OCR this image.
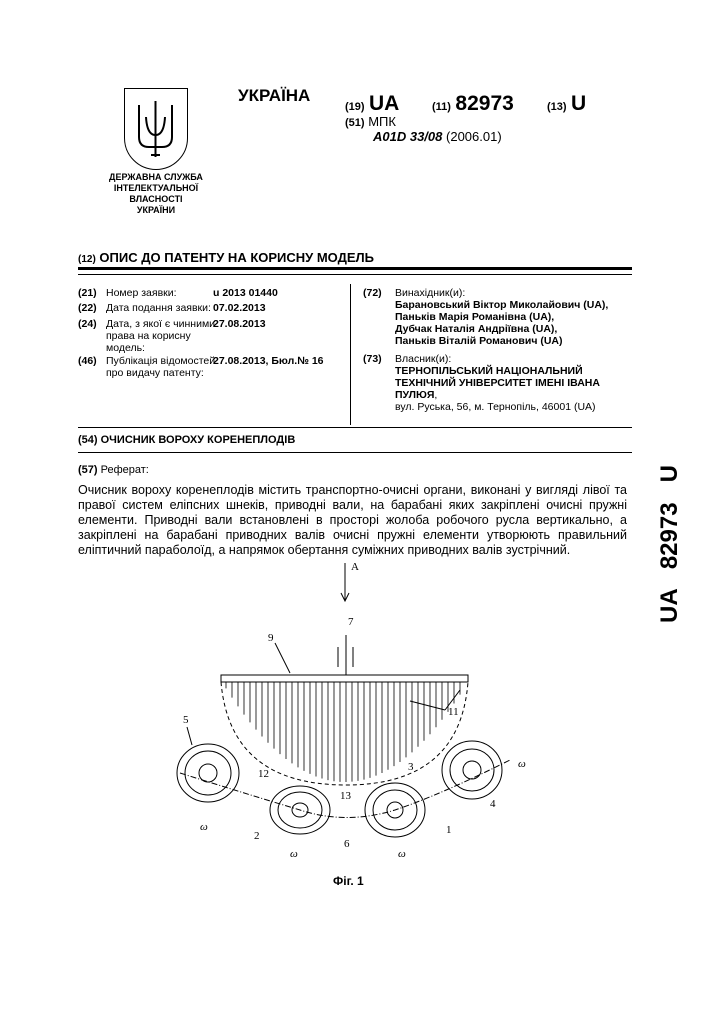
ДЕРЖАВНА СЛУЖБА
ІНТЕЛЕКТУАЛЬНОЇ
ВЛАСНОСТІ
УКРАЇНИ
УКРАЇНА
(19) UA	(11) 82973	(13) U
(51) МПК
A01D 33/08 (2006.01)
(12) ОПИС ДО ПАТЕНТУ НА КОРИСНУ МОДЕЛЬ
(21) Номер заявки:	u 2013 01440
(22) Дата подання заявки: 07.02.2013
(24) Дата, з якої є чинними
права на корисну
модель:
27.08.2013
(46) Публікація відомостей
про видачу патенту:
27.08.2013, Бюл.№ 16
(72) Винахідник(и):
Барановський Віктор Миколайович (UA),
Паньків Марія Романівна (UA),
Дубчак Наталія Андріївна (UA),
Паньків Віталій Романович (UA)
(73) Власник(и):
ТЕРНОПІЛЬСЬКИЙ НАЦІОНАЛЬНИЙ
ТЕХНІЧНИЙ УНІВЕРСИТЕТ ІМЕНІ ІВАНА
ПУЛЮЯ,
вул. Руська, 56, м. Тернопіль, 46001 (UA)
(54) ОЧИСНИК ВОРОХУ КОРЕНЕПЛОДІВ
(57) Реферат:
Очисник вороху коренеплодів містить транспортно-очисні органи, виконані у вигляді лівої та правої систем еліпсних шнеків, приводні вали, на барабані яких закріплені очисні пружні елементи. Приводні вали встановлені в просторі жолоба робочого русла вертикально, а закріплені на барабані приводних валів очисні пружні елементи утворюють правильний еліптичний параболоїд, а напрямок обертання суміжних приводних валів зустрічний.	UA   82973   U
A
7
9
5
11
12
3
13
4
2
6
1
ω
ω	ω
ω
Фіг. 1
